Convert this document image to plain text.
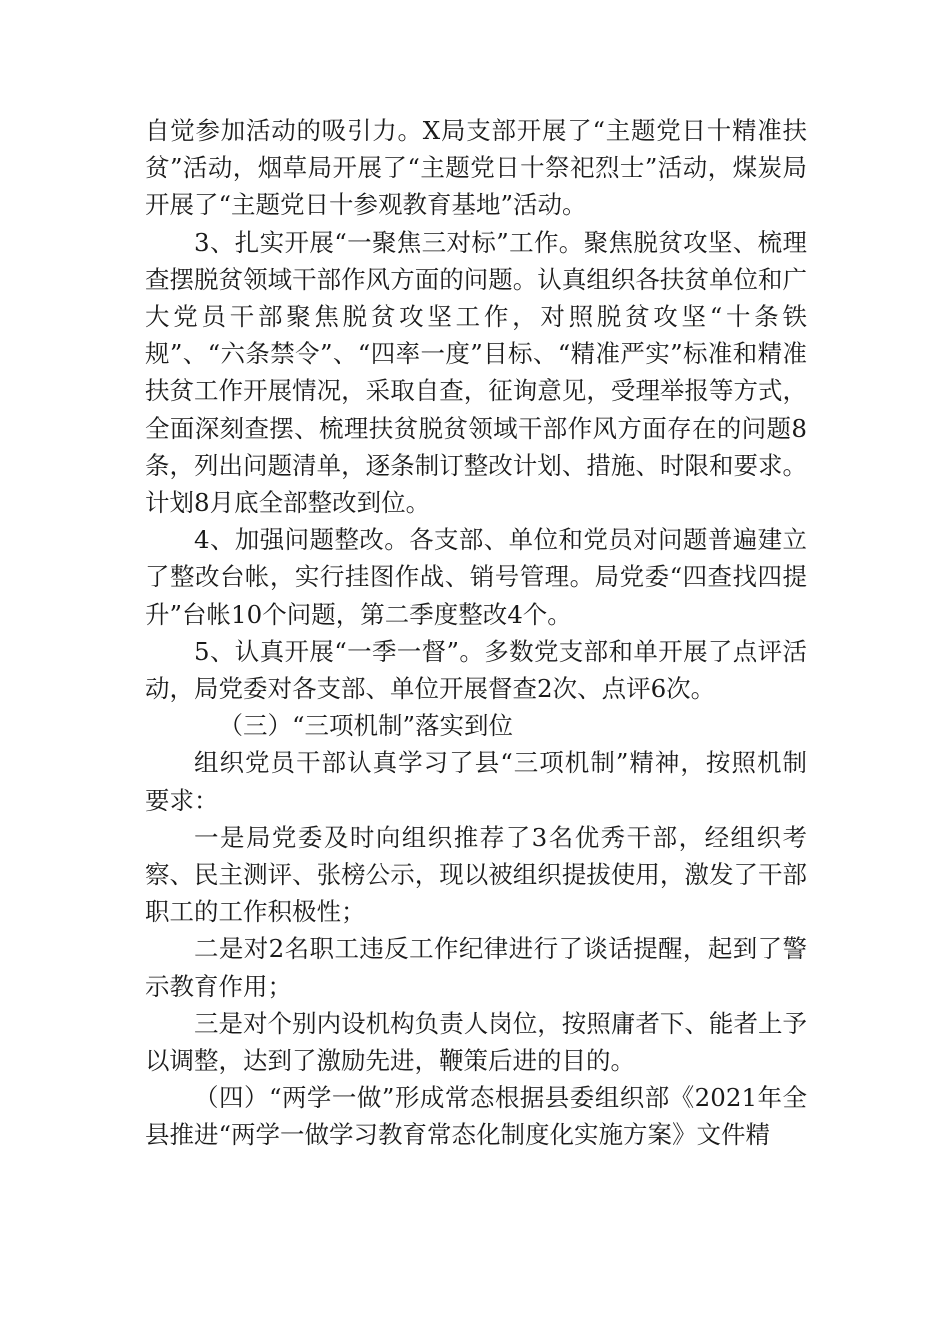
自觉参加活动的吸引力。X局支部开展了“主题党日十精准扶贫”活动，烟草局开展了“主题党日十祭祀烈士”活动，煤炭局开展了“主题党日十参观教育基地”活动。

3、扎实开展“一聚焦三对标”工作。聚焦脱贫攻坚、梳理查摆脱贫领域干部作风方面的问题。认真组织各扶贫单位和广大党员干部聚焦脱贫攻坚工作，对照脱贫攻坚“十条铁规”、“六条禁令”、“四率一度”目标、“精准严实”标准和精准扶贫工作开展情况，采取自查，征询意见，受理举报等方式，全面深刻查摆、梳理扶贫脱贫领域干部作风方面存在的问题8条，列出问题清单，逐条制订整改计划、措施、时限和要求。计划8月底全部整改到位。

4、加强问题整改。各支部、单位和党员对问题普遍建立了整改台帐，实行挂图作战、销号管理。局党委“四查找四提升”台帐10个问题，第二季度整改4个。

5、认真开展“一季一督”。多数党支部和单开展了点评活动，局党委对各支部、单位开展督查2次、点评6次。

（三）“三项机制”落实到位

组织党员干部认真学习了县“三项机制”精神，按照机制要求：

一是局党委及时向组织推荐了3名优秀干部，经组织考察、民主测评、张榜公示，现以被组织提拔使用，激发了干部职工的工作积极性；

二是对2名职工违反工作纪律进行了谈话提醒，起到了警示教育作用；

三是对个别内设机构负责人岗位，按照庸者下、能者上予以调整，达到了激励先进，鞭策后进的目的。

（四）“两学一做”形成常态根据县委组织部《2021年全县推进“两学一做学习教育常态化制度化实施方案》文件精
